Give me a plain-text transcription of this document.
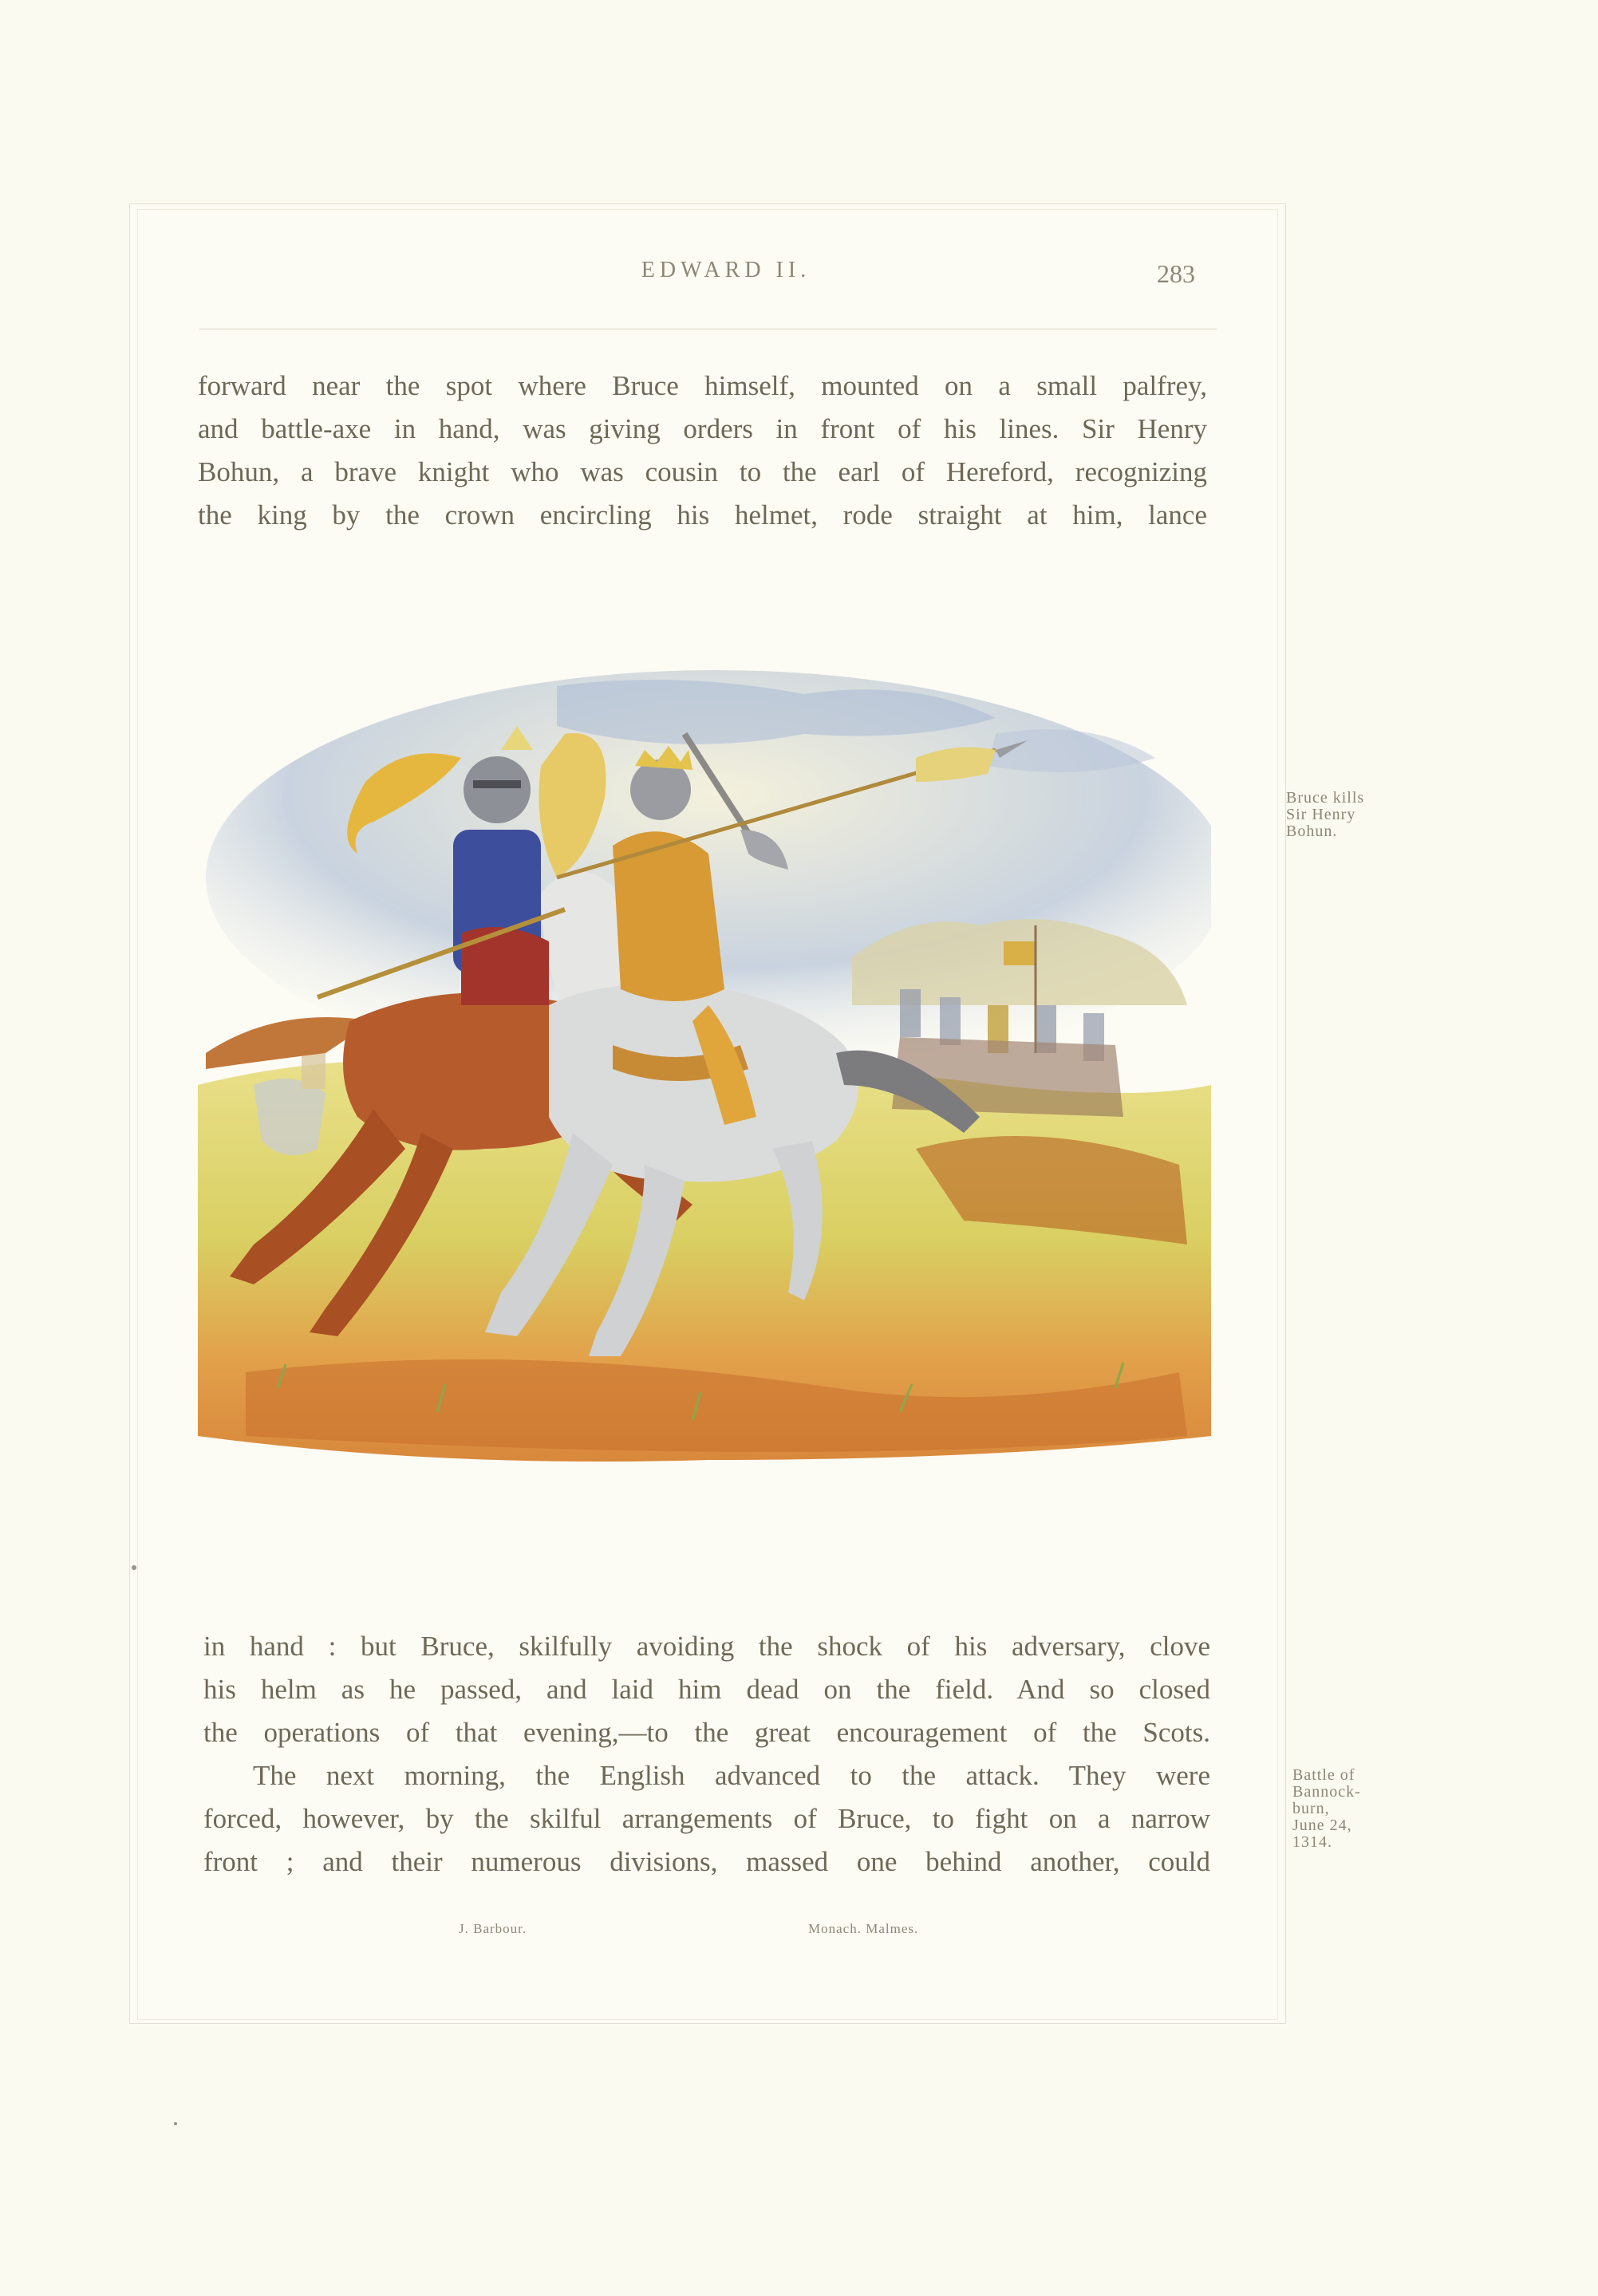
EDWARD II.	283
forward near the spot where Bruce himself, mounted on a small palfrey,
and battle-axe in hand, was giving orders in front of his lines. Sir Henry
Bohun, a brave knight who was cousin to the earl of Hereford, recognizing
the king by the crown encircling his helmet, rode straight at him, lance
Bruce kills
Sir Henry
Bohun.
in hand : but Bruce, skilfully avoiding the shock of his adversary, clove
his helm as he passed, and laid him dead on the field. And so closed
the operations of that evening,—to the great encouragement of the Scots.
The next morning, the English advanced to the attack. They were
forced, however, by the skilful arrangements of Bruce, to fight on a narrow
front ; and their numerous divisions, massed one behind another, could
Battle of
Bannock-
burn,
June 24,
1314.
J. Barbour.	Monach. Malmes.
